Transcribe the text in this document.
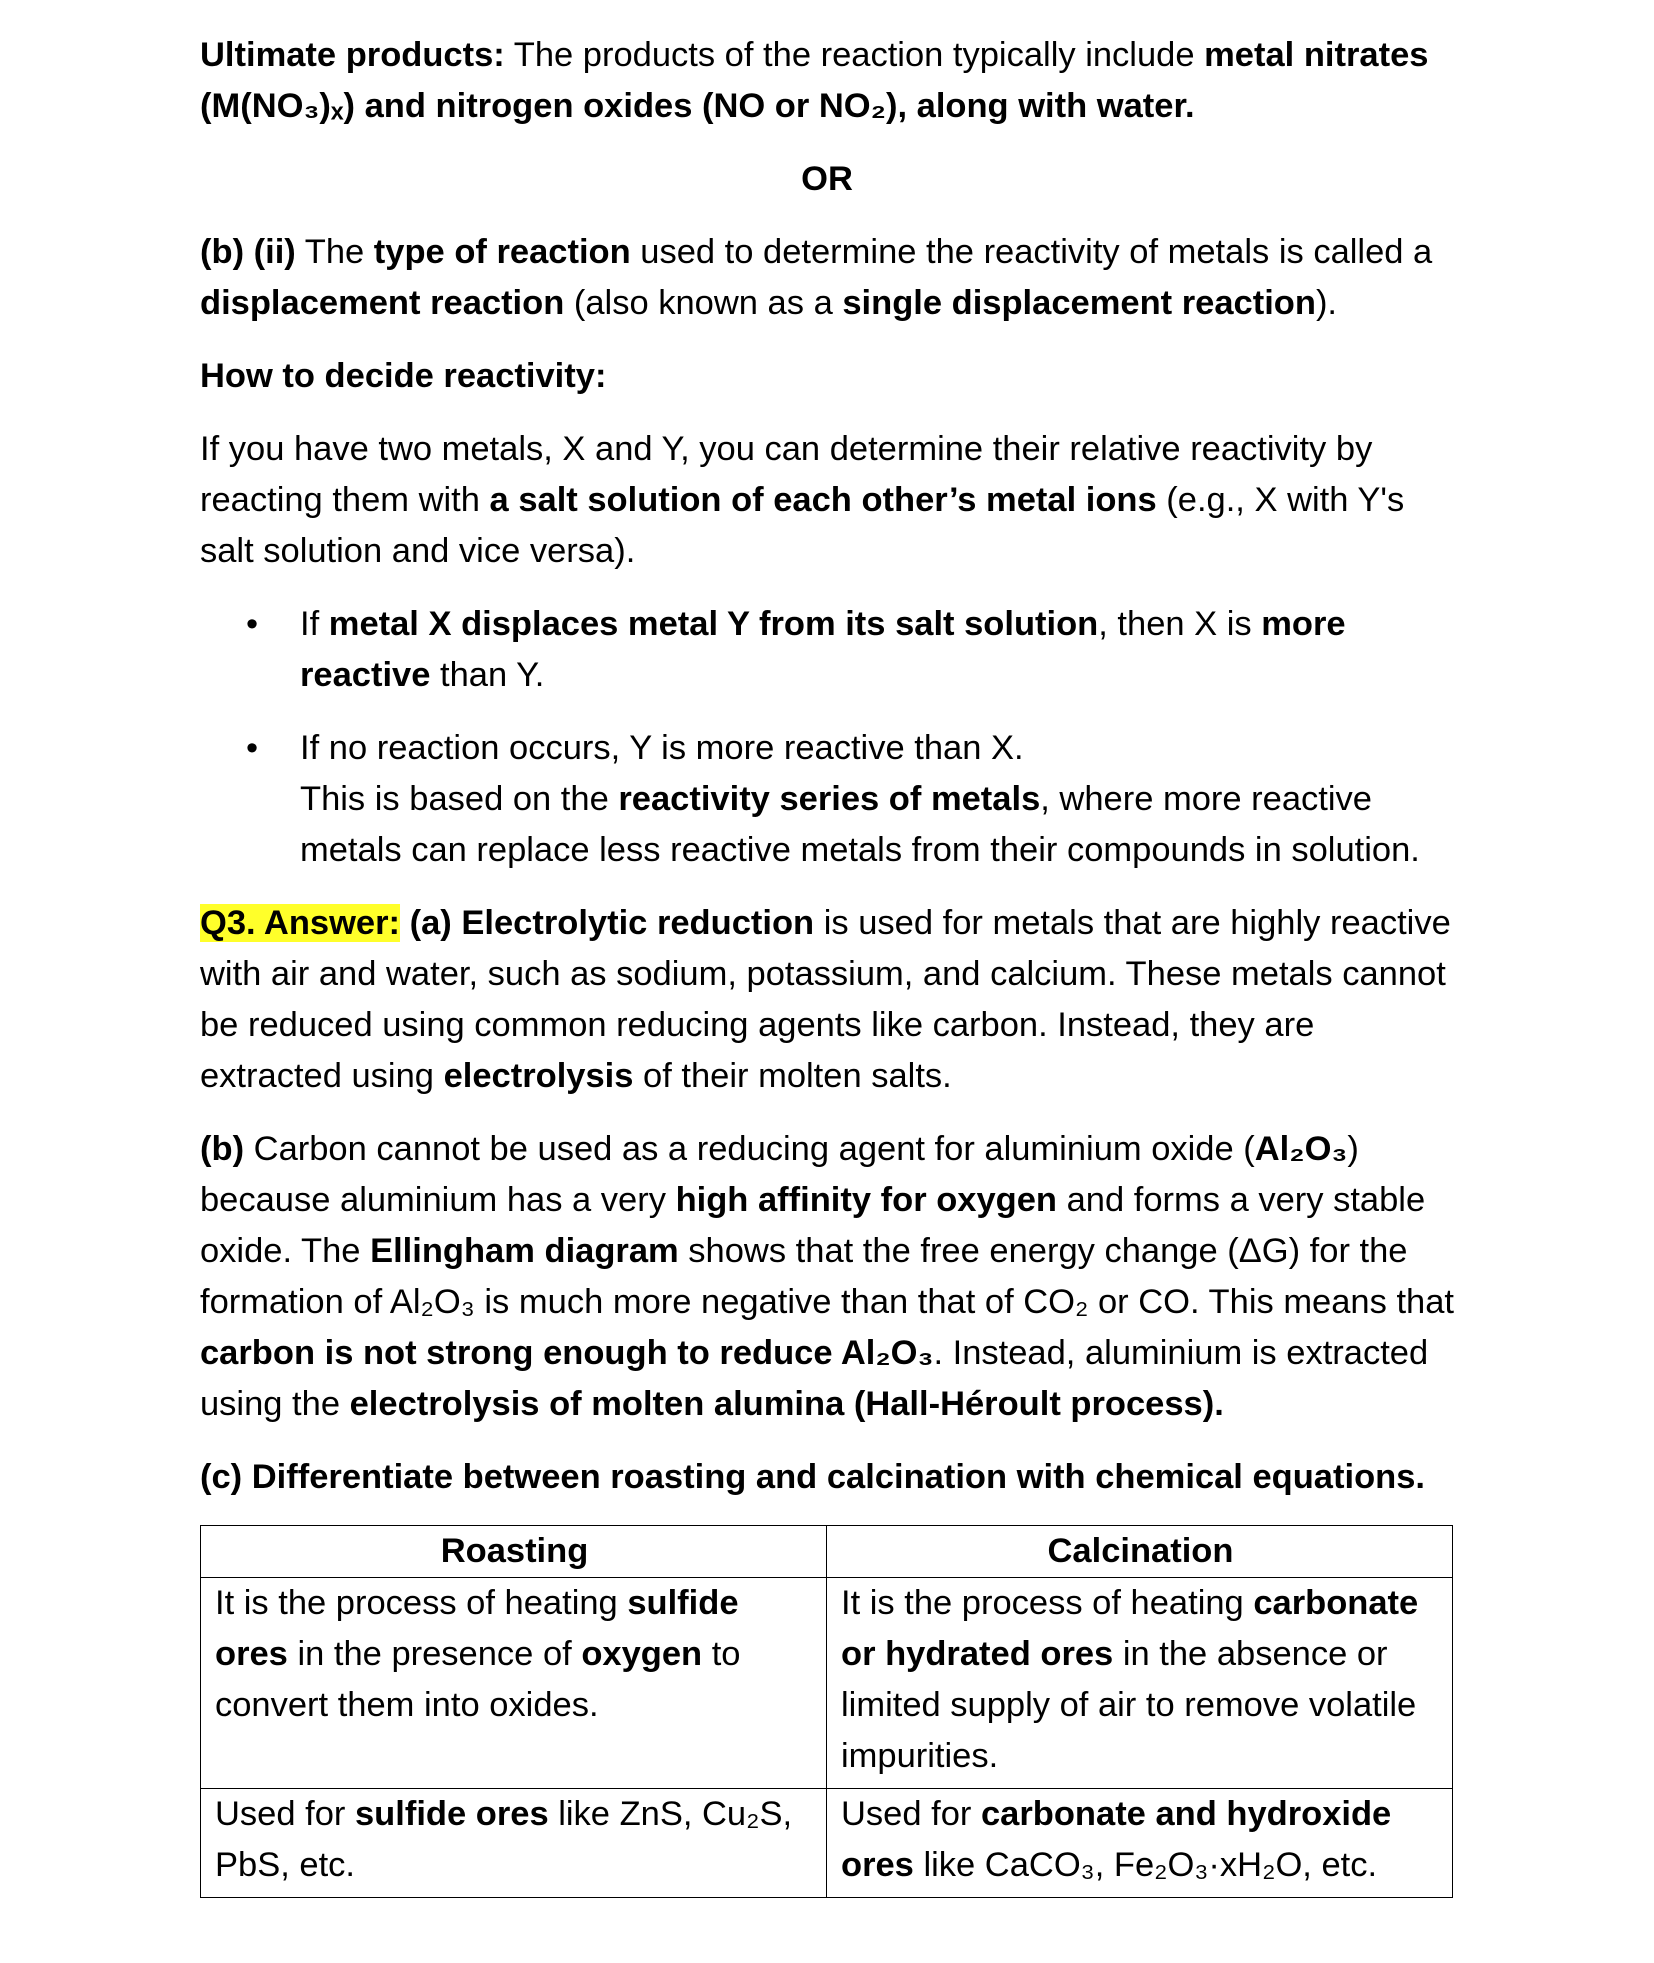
Ultimate products: The products of the reaction typically include metal nitrates (M(NO₃)ₓ) and nitrogen oxides (NO or NO₂), along with water.

OR

(b) (ii) The type of reaction used to determine the reactivity of metals is called a displacement reaction (also known as a single displacement reaction).

How to decide reactivity:

If you have two metals, X and Y, you can determine their relative reactivity by reacting them with a salt solution of each other’s metal ions (e.g., X with Y's salt solution and vice versa).

• If metal X displaces metal Y from its salt solution, then X is more reactive than Y.
• If no reaction occurs, Y is more reactive than X.
This is based on the reactivity series of metals, where more reactive metals can replace less reactive metals from their compounds in solution.

Q3. Answer: (a) Electrolytic reduction is used for metals that are highly reactive with air and water, such as sodium, potassium, and calcium. These metals cannot be reduced using common reducing agents like carbon. Instead, they are extracted using electrolysis of their molten salts.

(b) Carbon cannot be used as a reducing agent for aluminium oxide (Al₂O₃) because aluminium has a very high affinity for oxygen and forms a very stable oxide. The Ellingham diagram shows that the free energy change (ΔG) for the formation of Al₂O₃ is much more negative than that of CO₂ or CO. This means that carbon is not strong enough to reduce Al₂O₃. Instead, aluminium is extracted using the electrolysis of molten alumina (Hall-Héroult process).

(c) Differentiate between roasting and calcination with chemical equations.

Roasting	Calcination
It is the process of heating sulfide ores in the presence of oxygen to convert them into oxides.	It is the process of heating carbonate or hydrated ores in the absence or limited supply of air to remove volatile impurities.
Used for sulfide ores like ZnS, Cu₂S, PbS, etc.	Used for carbonate and hydroxide ores like CaCO₃, Fe₂O₃·xH₂O, etc.
